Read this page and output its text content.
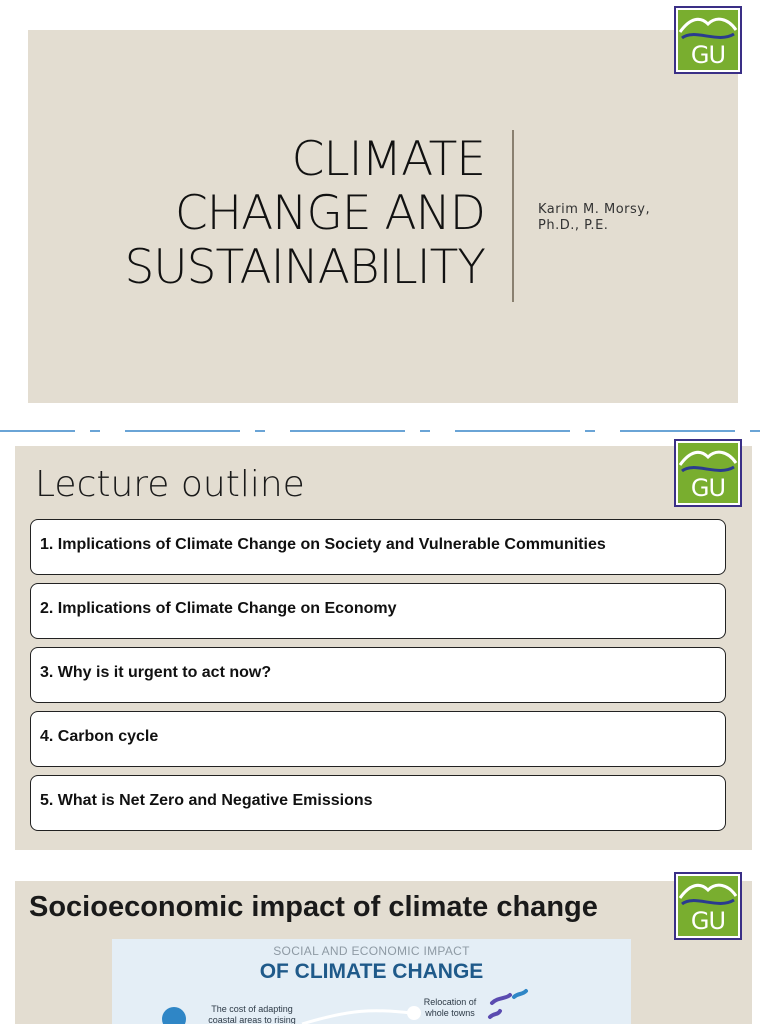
CLIMATE
CHANGE AND
SUSTAINABILITY
Karim M. Morsy,
Ph.D., P.E.
GU
Lecture outline
1. Implications of Climate Change on Society and Vulnerable Communities
2. Implications of Climate Change on Economy
3. Why is it urgent to act now?
4. Carbon cycle
5. What is Net Zero and Negative Emissions
GU
Socioeconomic impact of climate change
SOCIAL AND ECONOMIC IMPACT
OF CLIMATE CHANGE
The cost of adapting coastal areas to rising
Relocation of whole towns
GU
